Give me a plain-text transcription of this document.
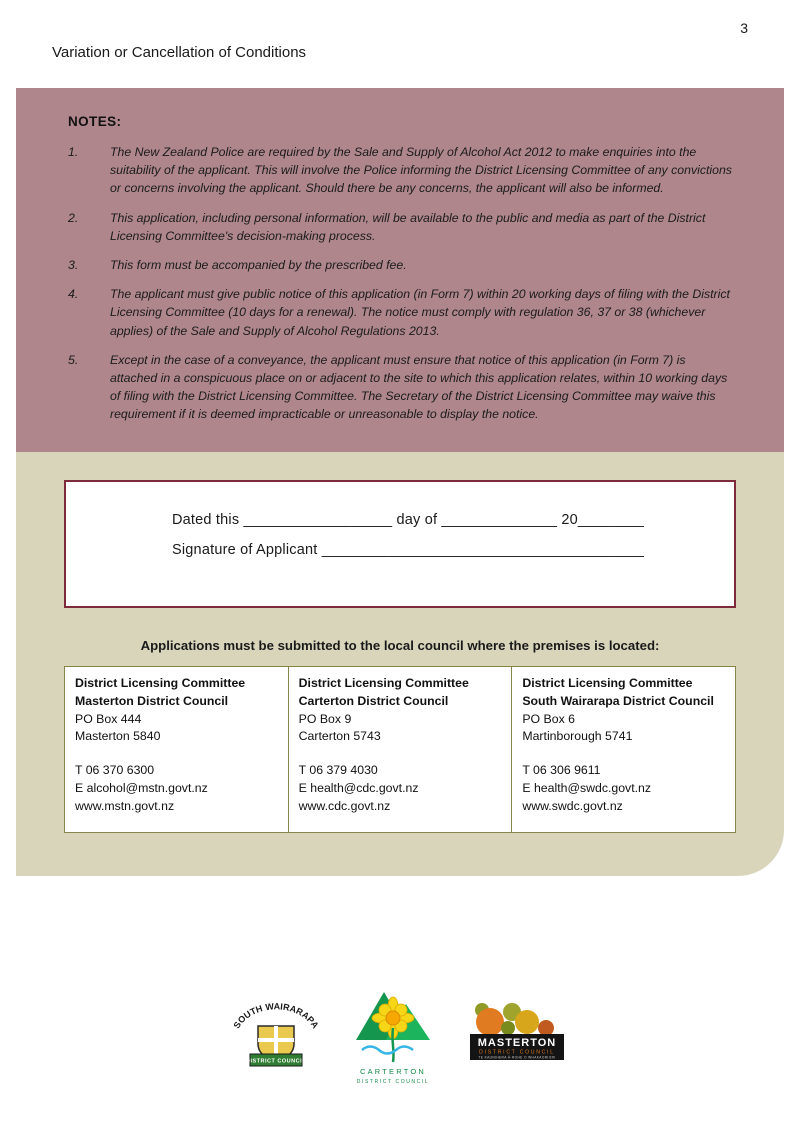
3
Variation or Cancellation of Conditions
NOTES:
1.	The New Zealand Police are required by the Sale and Supply of Alcohol Act 2012 to make enquiries into the suitability of the applicant. This will involve the Police informing the District Licensing Committee of any convictions or concerns involving the applicant. Should there be any concerns, the applicant will also be informed.
2.	This application, including personal information, will be available to the public and media as part of the District Licensing Committee's decision-making process.
3.	This form must be accompanied by the prescribed fee.
4.	The applicant must give public notice of this application (in Form 7) within 20 working days of filing with the District Licensing Committee (10 days for a renewal). The notice must comply with regulation 36, 37 or 38 (whichever applies) of the Sale and Supply of Alcohol Regulations 2013.
5.	Except in the case of a conveyance, the applicant must ensure that notice of this application (in Form 7) is attached in a conspicuous place on or adjacent to the site to which this application relates, within 10 working days of filing with the District Licensing Committee. The Secretary of the District Licensing Committee may waive this requirement if it is deemed impracticable or unreasonable to display the notice.
Dated this __________________ day of ______________ 20________
Signature of Applicant _______________________________________
Applications must be submitted to the local council where the premises is located:
District Licensing Committee
Masterton District Council
PO Box 444
Masterton 5840
T 06 370 6300
E alcohol@mstn.govt.nz
www.mstn.govt.nz
District Licensing Committee
Carterton District Council
PO Box 9
Carterton 5743
T 06 379 4030
E health@cdc.govt.nz
www.cdc.govt.nz
District Licensing Committee
South Wairarapa District Council
PO Box 6
Martinborough 5741
T 06 306 9611
E health@swdc.govt.nz
www.swdc.govt.nz
SOUTH WAIRARAPA
DISTRICT COUNCIL
CARTERTON
DISTRICT COUNCIL
MASTERTON
DISTRICT COUNCIL
TE KAUNIHERA Ā-ROHE O WHAKAORIORI
